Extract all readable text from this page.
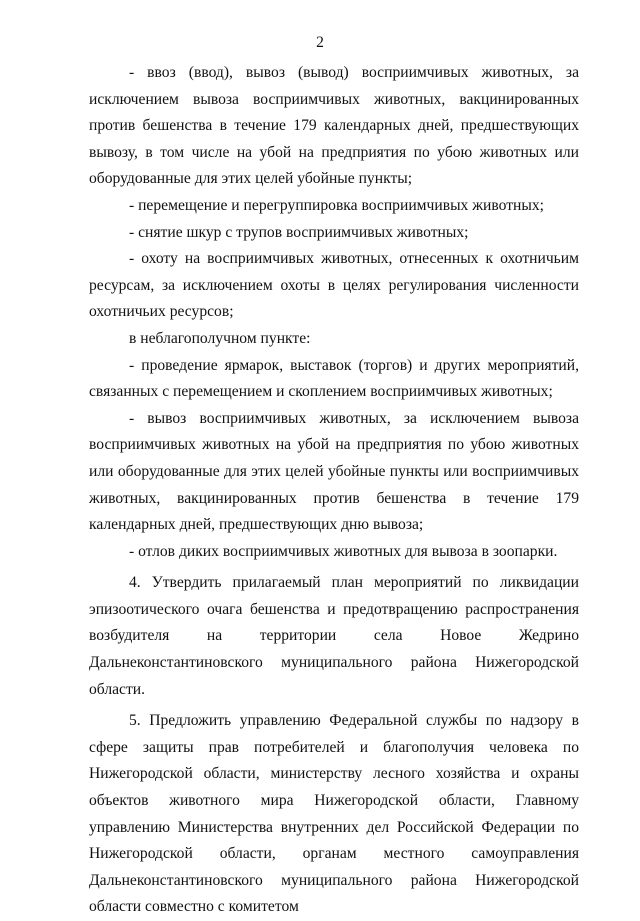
2

- ввоз (ввод), вывоз (вывод) восприимчивых животных, за исключением вывоза восприимчивых животных, вакцинированных против бешенства в течение 179 календарных дней, предшествующих вывозу, в том числе на убой на предприятия по убою животных или оборудованные для этих целей убойные пункты;

- перемещение и перегруппировка восприимчивых животных;

- снятие шкур с трупов восприимчивых животных;

- охоту на восприимчивых животных, отнесенных к охотничьим ресурсам, за исключением охоты в целях регулирования численности охотничьих ресурсов;

в неблагополучном пункте:

- проведение ярмарок, выставок (торгов) и других мероприятий, связанных с перемещением и скоплением восприимчивых животных;

- вывоз восприимчивых животных, за исключением вывоза восприимчивых животных на убой на предприятия по убою животных или оборудованные для этих целей убойные пункты или восприимчивых животных, вакцинированных против бешенства в течение 179 календарных дней, предшествующих дню вывоза;

- отлов диких восприимчивых животных для вывоза в зоопарки.

4. Утвердить прилагаемый план мероприятий по ликвидации эпизоотического очага бешенства и предотвращению распространения возбудителя на территории села Новое Жедрино Дальнеконстантиновского муниципального района Нижегородской области.

5. Предложить управлению Федеральной службы по надзору в сфере защиты прав потребителей и благополучия человека по Нижегородской области, министерству лесного хозяйства и охраны объектов животного мира Нижегородской области, Главному управлению Министерства внутренних дел Российской Федерации по Нижегородской области, органам местного самоуправления Дальнеконстантиновского муниципального района Нижегородской области совместно с комитетом
